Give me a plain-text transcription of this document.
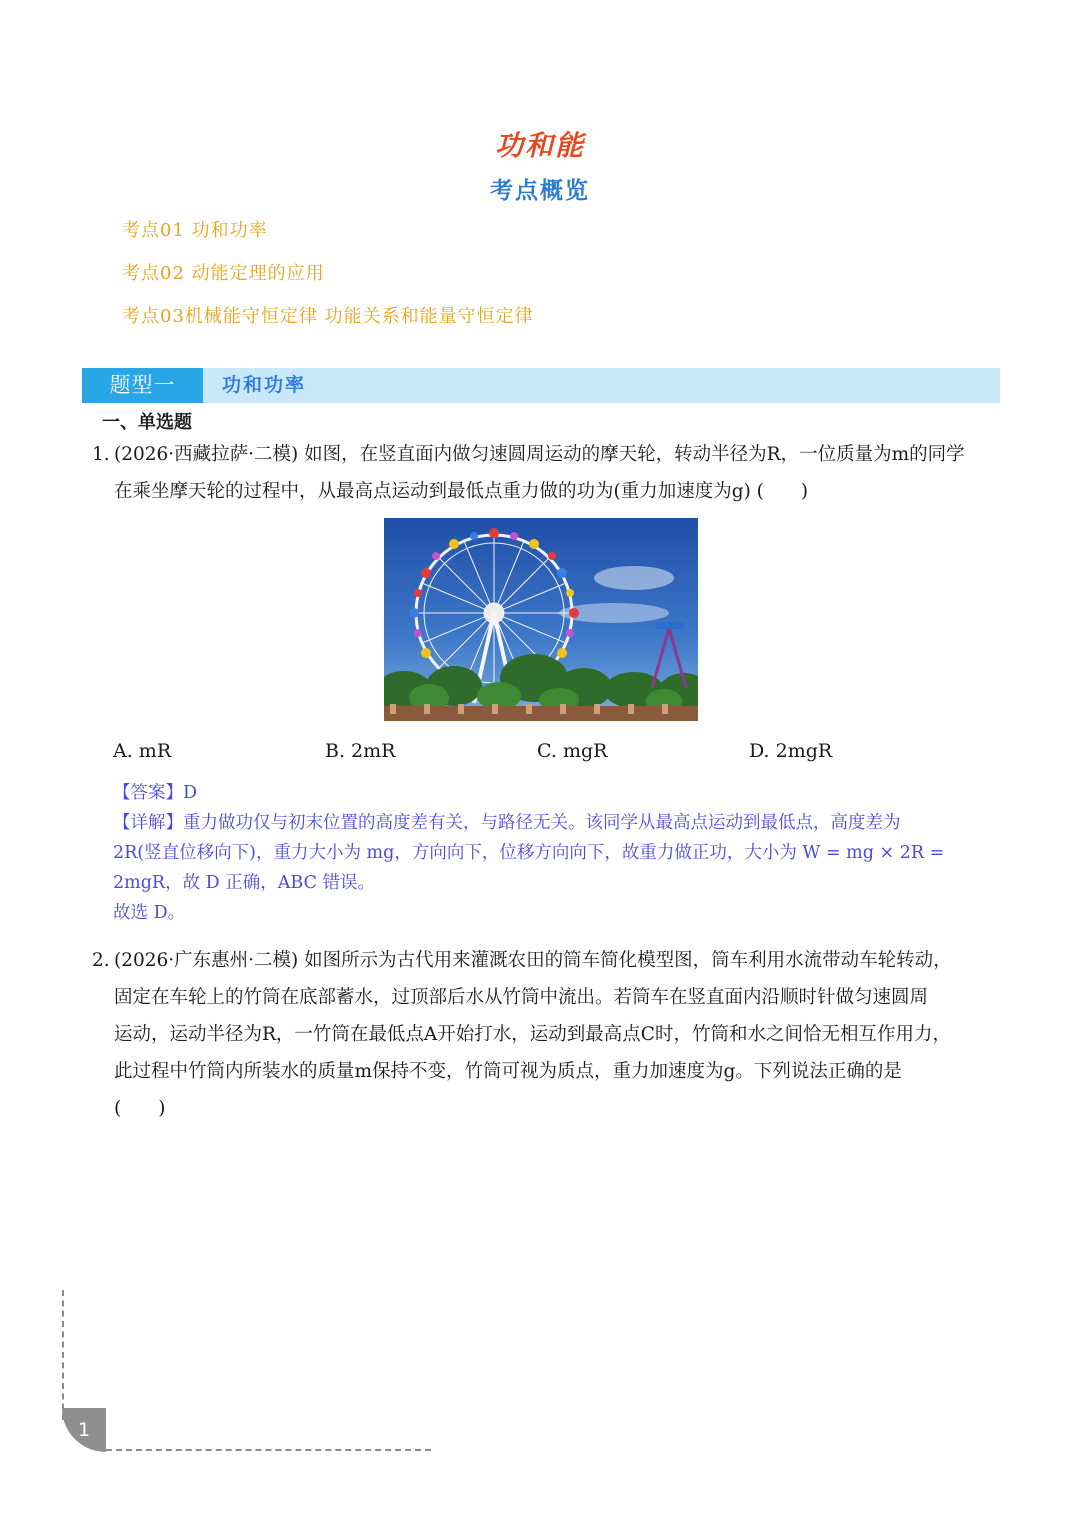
功和能
考点概览
考点01 功和功率
考点02 动能定理的应用
考点03机械能守恒定律 功能关系和能量守恒定律
题型一	功和功率
一、单选题
1. (2026·西藏拉萨·二模) 如图，在竖直面内做匀速圆周运动的摩天轮，转动半径为R，一位质量为m的同学
在乘坐摩天轮的过程中，从最高点运动到最低点重力做的功为(重力加速度为g) (　　)
A. mR	B. 2mR	C. mgR	D. 2mgR
【答案】D
【详解】重力做功仅与初末位置的高度差有关，与路径无关。该同学从最高点运动到最低点，高度差为
2R(竖直位移向下)，重力大小为 mg，方向向下，位移方向向下，故重力做正功，大小为 W = mg × 2R =
2mgR，故 D 正确，ABC 错误。
故选 D。
2. (2026·广东惠州·二模) 如图所示为古代用来灌溉农田的筒车简化模型图，筒车利用水流带动车轮转动，
固定在车轮上的竹筒在底部蓄水，过顶部后水从竹筒中流出。若筒车在竖直面内沿顺时针做匀速圆周
运动，运动半径为R，一竹筒在最低点A开始打水，运动到最高点C时，竹筒和水之间恰无相互作用力，
此过程中竹筒内所装水的质量m保持不变，竹筒可视为质点，重力加速度为g。下列说法正确的是
(　　)
1
